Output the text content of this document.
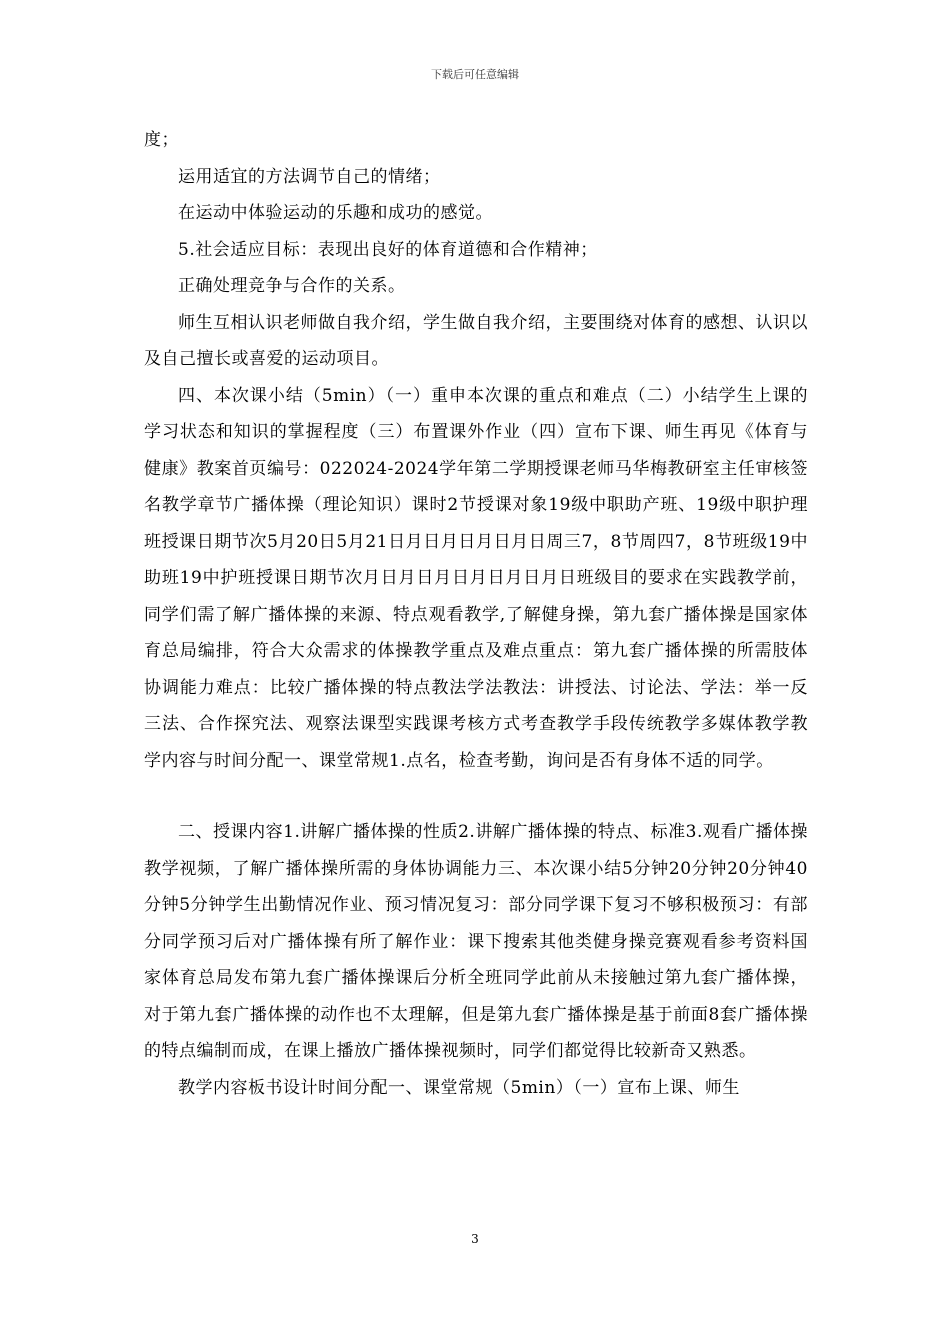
下载后可任意编辑

度；

运用适宜的方法调节自己的情绪；

在运动中体验运动的乐趣和成功的感觉。

5.社会适应目标：表现出良好的体育道德和合作精神；

正确处理竞争与合作的关系。

师生互相认识老师做自我介绍，学生做自我介绍，主要围绕对体育的感想、认识以及自己擅长或喜爱的运动项目。

四、本次课小结（5min）（一）重申本次课的重点和难点（二）小结学生上课的学习状态和知识的掌握程度（三）布置课外作业（四）宣布下课、师生再见《体育与健康》教案首页编号：022024-2024学年第二学期授课老师马华梅教研室主任审核签名教学章节广播体操（理论知识）课时2节授课对象19级中职助产班、19级中职护理班授课日期节次5月20日5月21日月日月日月日月日周三7，8节周四7，8节班级19中助班19中护班授课日期节次月日月日月日月日月日月日班级目的要求在实践教学前，同学们需了解广播体操的来源、特点观看教学,了解健身操，第九套广播体操是国家体育总局编排，符合大众需求的体操教学重点及难点重点：第九套广播体操的所需肢体协调能力难点：比较广播体操的特点教法学法教法：讲授法、讨论法、学法：举一反三法、合作探究法、观察法课型实践课考核方式考查教学手段传统教学多媒体教学教学内容与时间分配一、课堂常规1.点名，检查考勤，询问是否有身体不适的同学。

二、授课内容1.讲解广播体操的性质2.讲解广播体操的特点、标准3.观看广播体操教学视频，了解广播体操所需的身体协调能力三、本次课小结5分钟20分钟20分钟40分钟5分钟学生出勤情况作业、预习情况复习：部分同学课下复习不够积极预习：有部分同学预习后对广播体操有所了解作业：课下搜索其他类健身操竞赛观看参考资料国家体育总局发布第九套广播体操课后分析全班同学此前从未接触过第九套广播体操，对于第九套广播体操的动作也不太理解，但是第九套广播体操是基于前面8套广播体操的特点编制而成，在课上播放广播体操视频时，同学们都觉得比较新奇又熟悉。

教学内容板书设计时间分配一、课堂常规（5min）（一）宣布上课、师生

3
